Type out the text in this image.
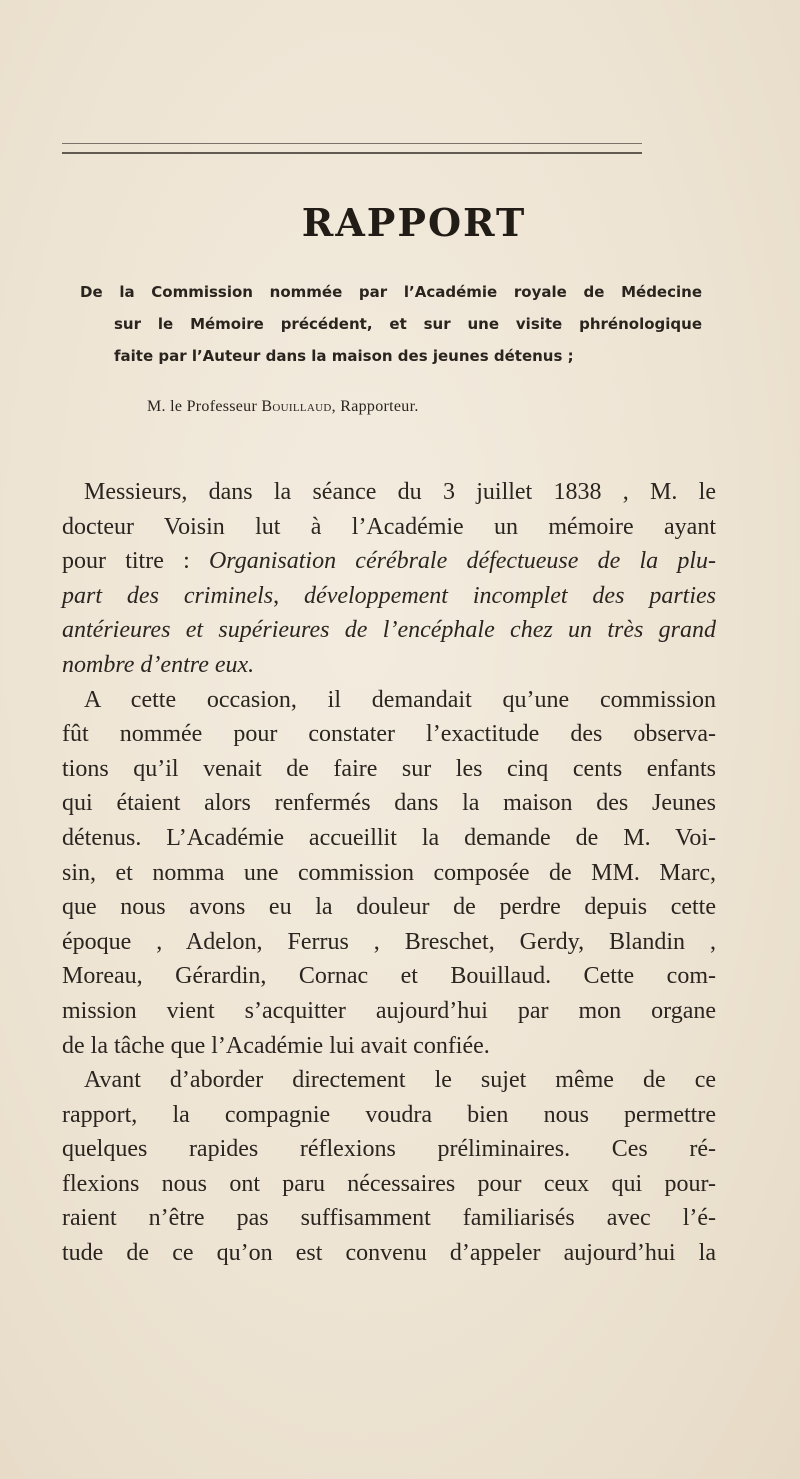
RAPPORT
De la Commission nommée par l’Académie royale de Médecine
sur le Mémoire précédent, et sur une visite phrénologique
faite par l’Auteur dans la maison des jeunes détenus ;

M. le Professeur Bouillaud, Rapporteur.

Messieurs, dans la séance du 3 juillet 1838 , M. le
docteur Voisin lut à l’Académie un mémoire ayant
pour titre : Organisation cérébrale défectueuse de la plu-
part des criminels, développement incomplet des parties
antérieures et supérieures de l’encéphale chez un très grand
nombre d’entre eux.
A cette occasion, il demandait qu’une commission
fût nommée pour constater l’exactitude des observa-
tions qu’il venait de faire sur les cinq cents enfants
qui étaient alors renfermés dans la maison des Jeunes
détenus. L’Académie accueillit la demande de M. Voi-
sin, et nomma une commission composée de MM. Marc,
que nous avons eu la douleur de perdre depuis cette
époque , Adelon, Ferrus , Breschet, Gerdy, Blandin ,
Moreau, Gérardin, Cornac et Bouillaud. Cette com-
mission vient s’acquitter aujourd’hui par mon organe
de la tâche que l’Académie lui avait confiée.
Avant d’aborder directement le sujet même de ce
rapport, la compagnie voudra bien nous permettre
quelques rapides réflexions préliminaires. Ces ré-
flexions nous ont paru nécessaires pour ceux qui pour-
raient n’être pas suffisamment familiarisés avec l’é-
tude de ce qu’on est convenu d’appeler aujourd’hui la
